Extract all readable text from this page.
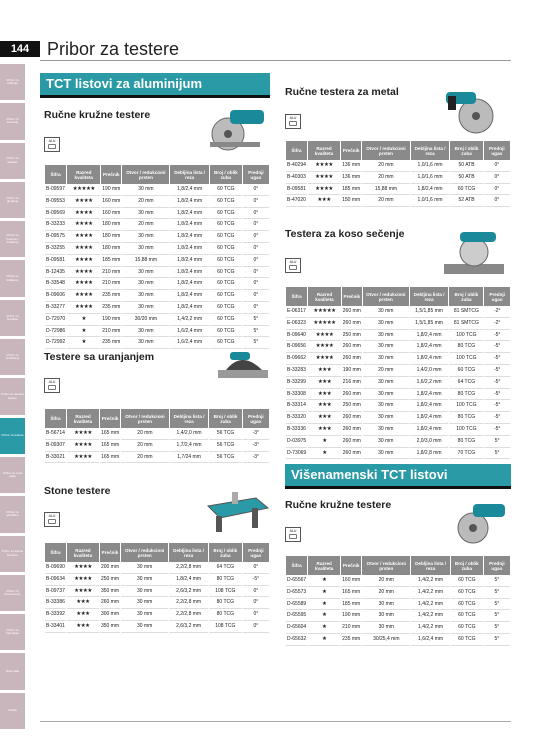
144 Pribor za testere
Pribor za bušenje
Pribor za brušenje
Pribor za sečenje
Pribor za glodanje
Pribor za bušenje i dubljenje
Pribor za šrafljenje
Pribor za brusilice
Pribor za rendisanje
Pribor za ubodne testere
Pribor za testere
Pribor za multi alate
Pribor za glodalice
Pribor za tracne brusilice
Pribor za kompresore
Pribor za baterijske
Ručni alat
Ostalo
TCT listovi za aluminijum
Ručne kružne testere
ALU
Šifra	Razred kvaliteta	Prečnik	Otvor / redukcioni prsten	Debljina lista / reza	Broj / oblik zuba	Prednji ugao
B-09597	★★★★★	190 mm	30 mm	1,8/2,4 mm	60 TCG	0°
B-09553	★★★★	160 mm	20 mm	1,8/2,4 mm	60 TCG	0°
B-09569	★★★★	160 mm	30 mm	1,8/2,4 mm	60 TCG	0°
B-33233	★★★★	180 mm	20 mm	1,8/2,4 mm	60 TCG	0°
B-09575	★★★★	180 mm	30 mm	1,8/2,4 mm	60 TCG	0°
B-33255	★★★★	180 mm	30 mm	1,8/2,4 mm	60 TCG	0°
B-09581	★★★★	185 mm	15,88 mm	1,8/2,4 mm	60 TCG	0°
B-12435	★★★★	210 mm	30 mm	1,8/2,4 mm	60 TCG	0°
B-33548	★★★★	210 mm	30 mm	1,8/2,4 mm	60 TCG	0°
B-09606	★★★★	235 mm	30 mm	1,8/2,4 mm	60 TCG	0°
B-33277	★★★★	235 mm	30 mm	1,8/2,4 mm	60 TCG	0°
D-72970	★	190 mm	30/20 mm	1,4/2,2 mm	60 TCG	5°
D-72986	★	210 mm	30 mm	1,6/2,4 mm	60 TCG	5°
D-72992	★	235 mm	30 mm	1,6/2,4 mm	60 TCG	5°
Testere sa uranjanjem
ALU
Šifra	Razred kvaliteta	Prečnik	Otvor / redukcioni prsten	Debljina lista / reza	Broj / oblik zuba	Prednji ugao
B-56714	★★★★	165 mm	20 mm	1,4/2,0 mm	56 TCG	-3°
B-09307	★★★★	165 mm	20 mm	1,7/2,4 mm	56 TCG	-3°
B-33021	★★★★	165 mm	20 mm	1,7/24 mm	56 TCG	-3°
Stone testere
ALU
Šifra	Razred kvaliteta	Prečnik	Otvor / redukcioni prsten	Debljina lista / reza	Broj / oblik zuba	Prednji ugao
B-09690	★★★★	200 mm	30 mm	2,2/2,8 mm	64 TCG	0°
B-09634	★★★★	250 mm	30 mm	1,8/2,4 mm	80 TCG	-5°
B-09737	★★★★	350 mm	30 mm	2,6/3,2 mm	108 TCG	0°
B-33386	★★★	260 mm	30 mm	2,2/2,8 mm	80 TCG	0°
B-33392	★★★	300 mm	30 mm	2,2/2,8 mm	80 TCG	0°
B-33401	★★★	350 mm	30 mm	2,6/3,2 mm	108 TCG	0°
Ručne testera za metal
ALU
Šifra	Razred kvaliteta	Prečnik	Otvor / redukcioni prsten	Debljina lista / reza	Broj / oblik zuba	Prednji ugao
B-40294	★★★★	136 mm	20 mm	1,0/1,6 mm	50 ATB	0°
B-40303	★★★★	136 mm	20 mm	1,0/1,6 mm	50 ATB	0°
B-09581	★★★★	185 mm	15,88 mm	1,8/2,4 mm	60 TCG	0°
B-47020	★★★	150 mm	20 mm	1,0/1,6 mm	52 ATB	0°
Testera za koso sečenje
ALU
Šifra	Razred kvaliteta	Prečnik	Otvor / redukcioni prsten	Debljina lista / reza	Broj / oblik zuba	Prednji ugao
E-06317	★★★★★	260 mm	30 mm	1,5/1,85 mm	81 SMTCG	-2°
E-06323	★★★★★	260 mm	30 mm	1,5/1,85 mm	81 SMTCG	-2°
B-09640	★★★★	250 mm	30 mm	1,8/2,4 mm	100 TCG	-5°
B-09656	★★★★	260 mm	30 mm	1,8/2,4 mm	80 TCG	-5°
B-09662	★★★★	260 mm	30 mm	1,8/2,4 mm	100 TCG	-5°
B-33283	★★★	190 mm	20 mm	1,4/2,0 mm	60 TCG	-5°
B-33299	★★★	216 mm	30 mm	1,6/2,2 mm	64 TCG	-5°
B-33308	★★★	260 mm	30 mm	1,8/2,4 mm	80 TCG	-5°
B-33314	★★★	250 mm	30 mm	1,8/2,4 mm	100 TCG	-5°
B-33320	★★★	260 mm	30 mm	1,8/2,4 mm	80 TCG	-5°
B-33336	★★★	260 mm	30 mm	1,8/2,4 mm	100 TCG	-5°
D-03975	★	260 mm	30 mm	2,0/3,0 mm	80 TCG	5°
D-73069	★	260 mm	30 mm	1,8/2,8 mm	70 TCG	5°
Višenamenski TCT listovi
Ručne kružne testere
ALU
Šifra	Razred kvaliteta	Prečnik	Otvor / redukcioni prsten	Debljina lista / reza	Broj / oblik zuba	Prednji ugao
D-65567	★	160 mm	20 mm	1,4/2,2 mm	60 TCG	5°
D-65573	★	165 mm	20 mm	1,4/2,2 mm	60 TCG	5°
D-65589	★	185 mm	30 mm	1,4/2,2 mm	60 TCG	5°
D-65595	★	190 mm	30 mm	1,4/2,2 mm	60 TCG	5°
D-65604	★	210 mm	30 mm	1,4/2,2 mm	60 TCG	5°
D-65632	★	235 mm	30/25,4 mm	1,6/2,4 mm	60 TCG	5°
